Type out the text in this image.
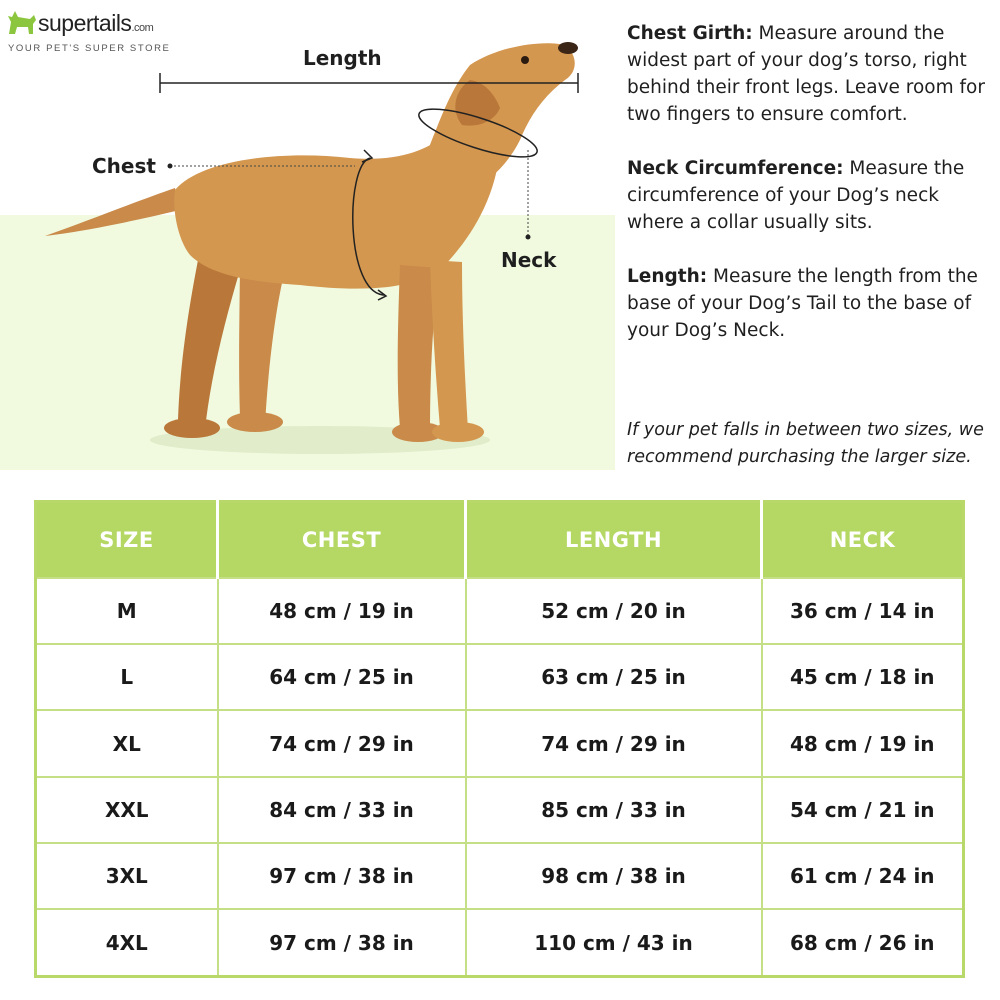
supertails.com
YOUR PET'S SUPER STORE	Length
Chest
Neck

Chest Girth: Measure around the widest part of your dog’s torso, right behind their front legs. Leave room for two fingers to ensure comfort.

Neck Circumference: Measure the circumference of your Dog’s neck where a collar usually sits.

Length: Measure the length from the base of your Dog’s Tail to the base of your Dog’s Neck.

If your pet falls in between two sizes, we recommend purchasing the larger size.

SIZE	CHEST	LENGTH	NECK
M	48 cm / 19 in	52 cm / 20 in	36 cm / 14 in
L	64 cm / 25 in	63 cm / 25 in	45 cm / 18 in
XL	74 cm / 29 in	74 cm / 29 in	48 cm / 19 in
XXL	84 cm / 33 in	85 cm / 33 in	54 cm / 21 in
3XL	97 cm / 38 in	98 cm / 38 in	61 cm / 24 in
4XL	97 cm / 38 in	110 cm / 43 in	68 cm / 26 in
